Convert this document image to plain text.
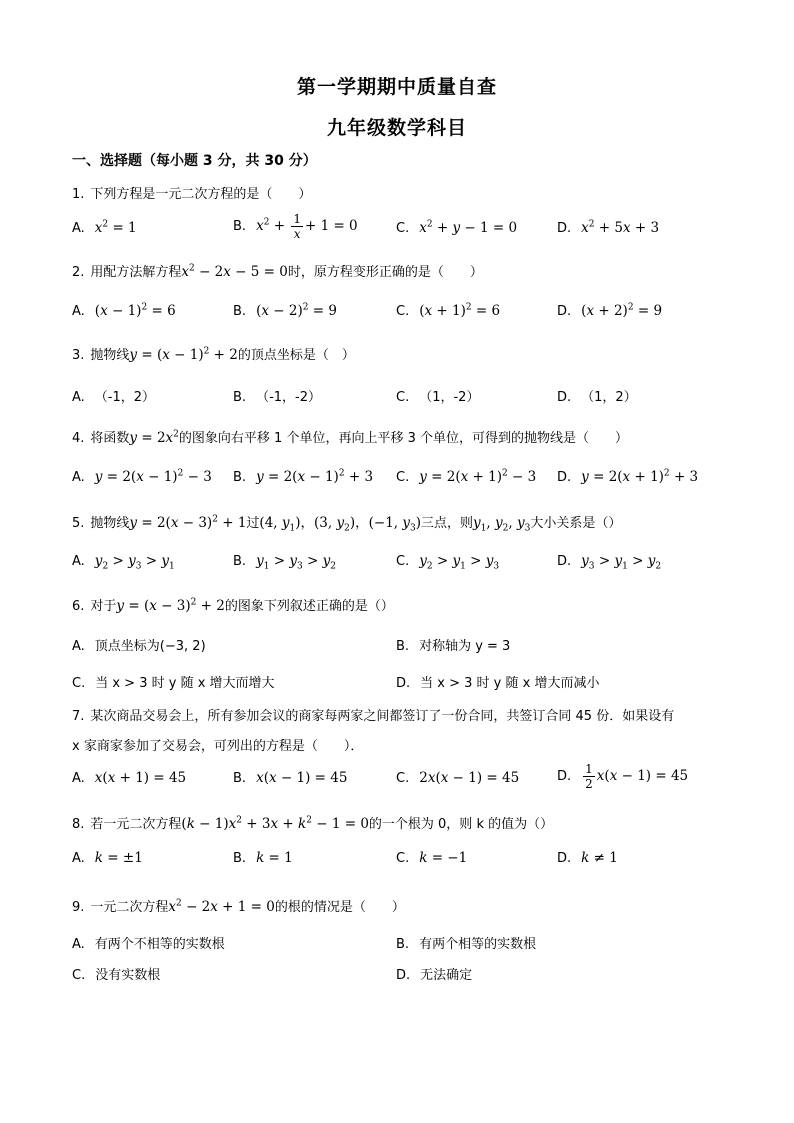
第一学期期中质量自查
九年级数学科目
一、选择题（每小题 3 分，共 30 分）
1. 下列方程是一元二次方程的是（　　）
A. $x^2 = 1$	B. $x^2 + \frac{1}{x} + 1 = 0$	C. $x^2 + y - 1 = 0$	D. $x^2 + 5x + 3$
2. 用配方法解方程$x^2 - 2x - 5 = 0$时，原方程变形正确的是（　　）
A. $(x - 1)^2 = 6$	B. $(x - 2)^2 = 9$	C. $(x + 1)^2 = 6$	D. $(x + 2)^2 = 9$
3. 抛物线$y = (x - 1)^2 + 2$的顶点坐标是（　）
A. （-1，2）	B. （-1，-2）	C. （1，-2）	D. （1，2）
4. 将函数$y = 2x^2$的图象向右平移 1 个单位，再向上平移 3 个单位，可得到的抛物线是（　　）
A. $y = 2(x - 1)^2 - 3$ B. $y = 2(x - 1)^2 + 3$ C. $y = 2(x + 1)^2 - 3$ D. $y = 2(x + 1)^2 + 3$
5. 抛物线$y = 2(x - 3)^2 + 1$过(4, $y_1$)，(3, $y_2$)，(−1, $y_3$)三点，则$y_1$, $y_2$, $y_3$大小关系是（）
A. $y_2 > y_3 > y_1$	B. $y_1 > y_3 > y_2$	C. $y_2 > y_1 > y_3$	D. $y_3 > y_1 > y_2$
6. 对于$y = (x - 3)^2 + 2$的图象下列叙述正确的是（）
A. 顶点坐标为(−3, 2)	B. 对称轴为 y = 3
C. 当 x > 3 时 y 随 x 增大而增大	D. 当 x > 3 时 y 随 x 增大而减小
7. 某次商品交易会上，所有参加会议的商家每两家之间都签订了一份合同，共签订合同 45 份．如果设有
x 家商家参加了交易会，可列出的方程是（　　）．
A. x(x + 1) = 45	B. x(x − 1) = 45	C. 2x(x − 1) = 45	D. $\frac{1}{2} x(x - 1) = 45$
8. 若一元二次方程$(k - 1)x^2 + 3x + k^2 - 1 = 0$的一个根为 0，则 k 的值为（）
A. k = ±1	B. k = 1	C. k = −1	D. k ≠ 1
9. 一元二次方程$x^2 - 2x + 1 = 0$的根的情况是（　　）
A. 有两个不相等的实数根	B. 有两个相等的实数根
C. 没有实数根	D. 无法确定
